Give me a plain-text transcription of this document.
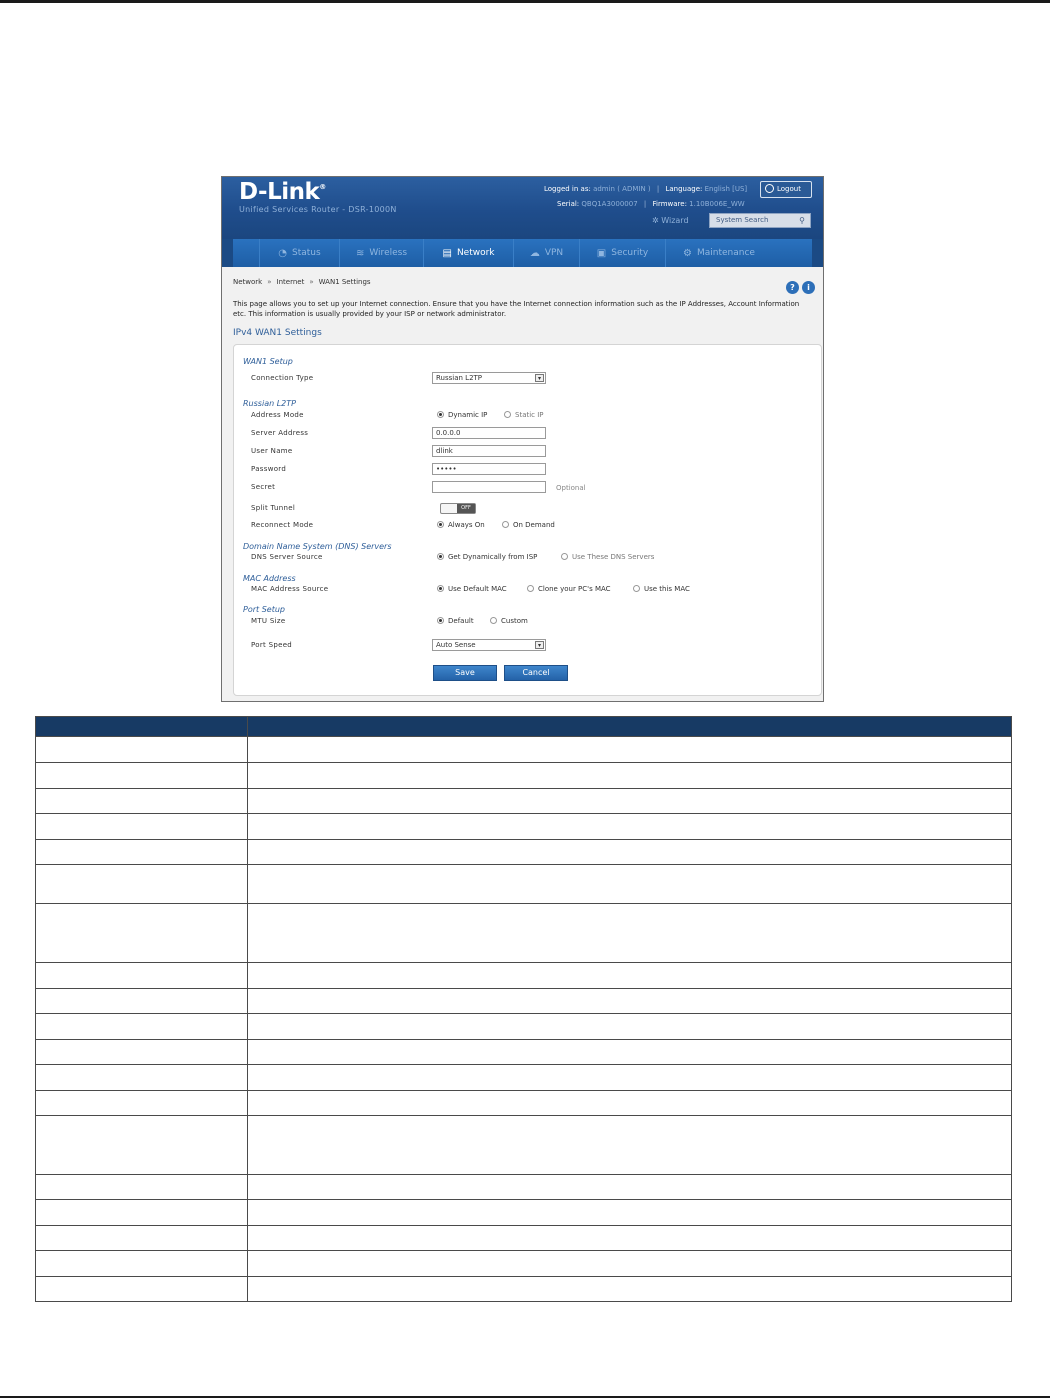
D-Link®
Unified Services Router - DSR-1000N
Logged in as: admin ( ADMIN ) | Language: English [US]
Serial: QBQ1A3000007 | Firmware: 1.10B006E_WW
Logout
✲ Wizard	System Search	⚲
◔ Status	≋ Wireless	▤ Network	☁ VPN	▣ Security	⚙ Maintenance
Network » Internet » WAN1 Settings
? i
This page allows you to set up your Internet connection. Ensure that you have the Internet connection information such as the IP Addresses, Account Information etc. This information is usually provided by your ISP or network administrator.
IPv4 WAN1 Settings
WAN1 Setup
Connection Type	Russian L2TP	▾
Russian L2TP
Address Mode	Dynamic IP	Static IP
Server Address	0.0.0.0
User Name	dlink
Password	•••••
Secret	Optional
Split Tunnel	OFF
Reconnect Mode	Always On	On Demand
Domain Name System (DNS) Servers
DNS Server Source	Get Dynamically from ISP	Use These DNS Servers
MAC Address
MAC Address Source	Use Default MAC	Clone your PC's MAC	Use this MAC
Port Setup
MTU Size	Default	Custom
Port Speed	Auto Sense	▾
Save	Cancel
